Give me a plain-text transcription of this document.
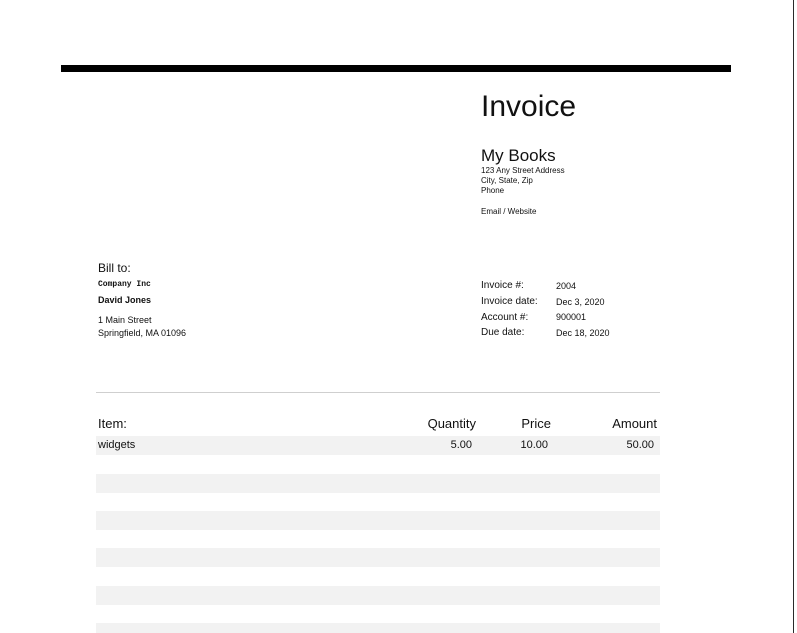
Invoice
My Books
123 Any Street Address
City, State, Zip
Phone
Email / Website
Bill to:
Company Inc
David Jones
1 Main Street
Springfield, MA 01096
Invoice #:	2004
Invoice date:	Dec 3, 2020
Account #:	900001
Due date:	Dec 18, 2020
Item:	Quantity	Price	Amount
widgets	5.00	10.00	50.00
